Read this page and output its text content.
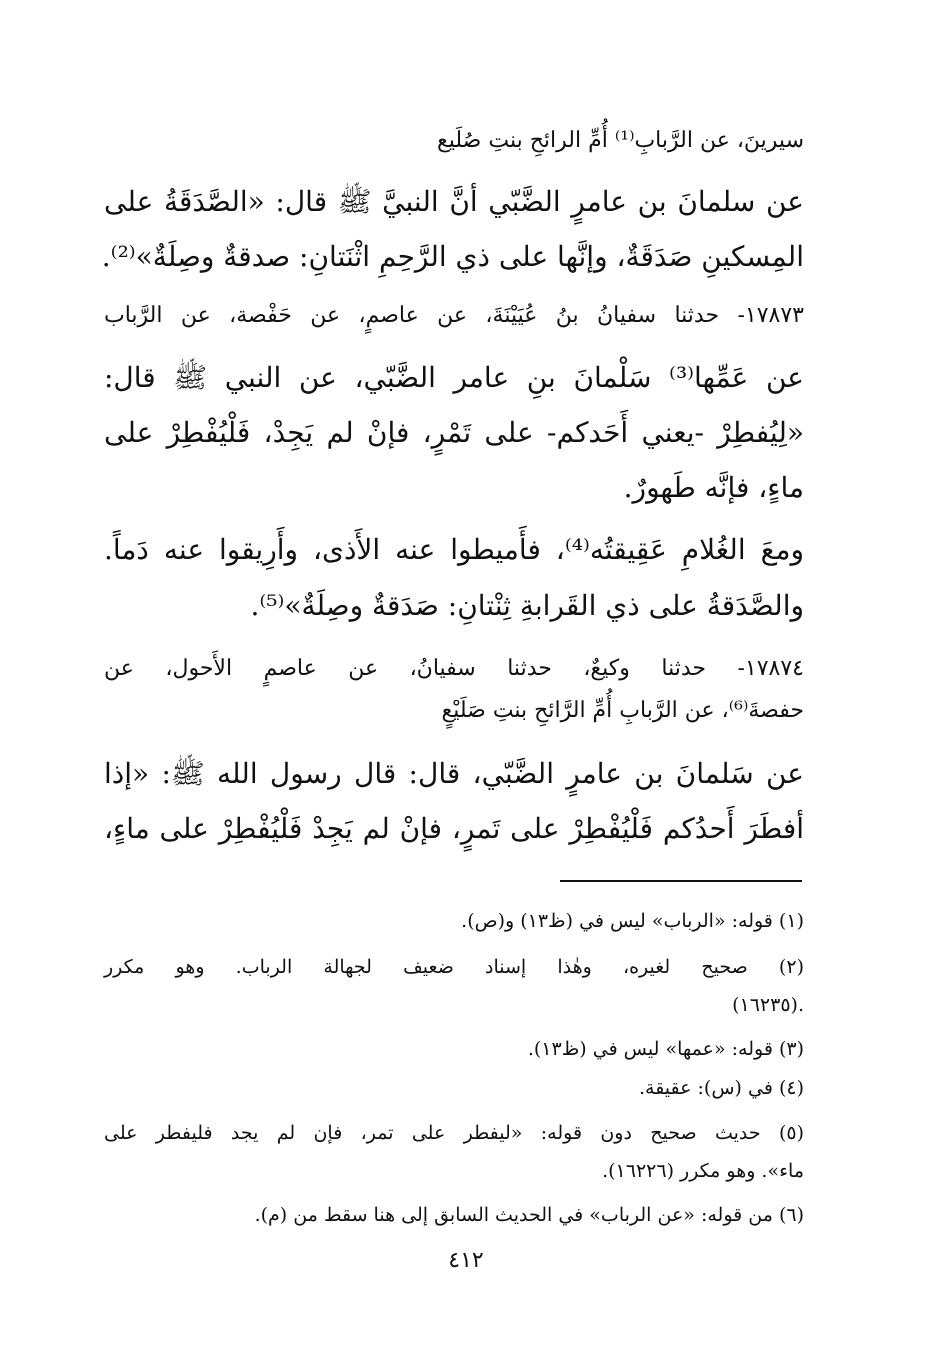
سيرينَ، عن الرَّبابِ⁽¹⁾ أُمِّ الرائحِ بنتِ صُلَيع
عن سلمانَ بن عامرٍ الضَّبّي أنَّ النبيَّ ﷺ قال: «الصَّدَقَةُ على
المِسكينِ صَدَقَةٌ، وإنَّها على ذي الرَّحِمِ اثْنَتانِ: صدقةٌ وصِلَةٌ»⁽²⁾.
١٧٨٧٣- حدثنا سفيانُ بنُ عُيَيْنَةَ، عن عاصمٍ، عن حَفْصة، عن الرَّباب
عن عَمِّها⁽³⁾ سَلْمانَ بنِ عامر الضَّبّي، عن النبي ﷺ قال:
«لِيُفطِرْ -يعني أَحَدكم- على تَمْرٍ، فإنْ لم يَجِدْ، فَلْيُفْطِرْ على
ماءٍ، فإنَّه طَهورٌ.
ومعَ الغُلامِ عَقِيقتُه⁽⁴⁾، فأَميطوا عنه الأَذى، وأَرِيقوا عنه دَماً.
والصَّدَقةُ على ذي القَرابةِ ثِنْتانِ: صَدَقةٌ وصِلَةٌ»⁽⁵⁾.
١٧٨٧٤- حدثنا وكيعٌ، حدثنا سفيانُ، عن عاصمٍ الأَحول، عن
حفصةَ⁽⁶⁾، عن الرَّبابِ أُمِّ الرَّائحِ بنتِ صَلَيْعٍ
عن سَلمانَ بن عامرٍ الضَّبّي، قال: قال رسول الله ﷺ: «إذا
أفطَرَ أَحدُكم فَلْيُفْطِرْ على تَمرٍ، فإنْ لم يَجِدْ فَلْيُفْطِرْ على ماءٍ،
(١) قوله: «الرباب» ليس في (ظ١٣) و(ص).
(٢) صحيح لغيره، وهٰذا إسناد ضعيف لجهالة الرباب. وهو مكرر
(١٦٢٣٥).
(٣) قوله: «عمها» ليس في (ظ١٣).
(٤) في (س): عقيقة.
(٥) حديث صحيح دون قوله: «ليفطر على تمر، فإن لم يجد فليفطر على
ماء». وهو مكرر (١٦٢٢٦).
(٦) من قوله: «عن الرباب» في الحديث السابق إلى هنا سقط من (م).
٤١٢
